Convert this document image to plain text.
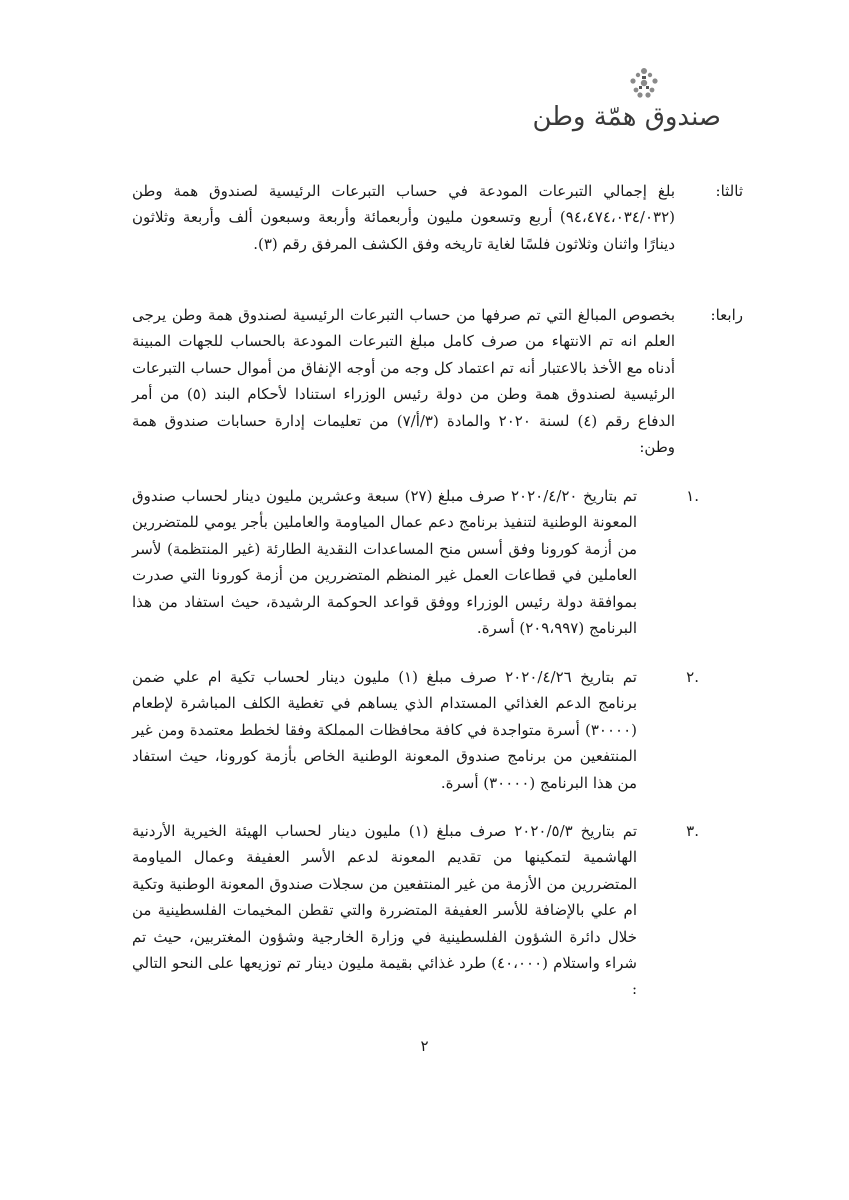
صندوق همّة وطن
بلغ إجمالي التبرعات المودعة في حساب التبرعات الرئيسية لصندوق همة وطن (٩٤،٤٧٤،٠٣٤/٠٣٢) أربع وتسعون مليون وأربعمائة وأربعة وسبعون ألف وأربعة وثلاثون دينارًا واثنان وثلاثون فلسًا لغاية تاريخه وفق الكشف المرفق رقم (٣).
ثالثا:
بخصوص المبالغ التي تم صرفها من حساب التبرعات الرئيسية لصندوق همة وطن يرجى العلم انه تم الانتهاء من صرف كامل مبلغ التبرعات المودعة بالحساب للجهات المبينة أدناه مع الأخذ بالاعتبار أنه تم اعتماد كل وجه من أوجه الإنفاق من أموال حساب التبرعات الرئيسية لصندوق همة وطن من دولة رئيس الوزراء استنادا لأحكام البند (٥) من أمر الدفاع رقم (٤) لسنة ٢٠٢٠ والمادة (٣/أ/٧) من تعليمات إدارة حسابات صندوق همة وطن:
رابعا:
تم بتاريخ ٢٠٢٠/٤/٢٠ صرف مبلغ (٢٧) سبعة وعشرين مليون دينار لحساب صندوق المعونة الوطنية لتنفيذ برنامج دعم عمال المياومة والعاملين بأجر يومي للمتضررين من أزمة كورونا وفق أسس منح المساعدات النقدية الطارئة (غير المنتظمة) لأسر العاملين في قطاعات العمل غير المنظم المتضررين من أزمة كورونا التي صدرت بموافقة دولة رئيس الوزراء ووفق قواعد الحوكمة الرشيدة، حيث استفاد من هذا البرنامج (٢٠٩،٩٩٧) أسرة.
.١
تم بتاريخ ٢٠٢٠/٤/٢٦ صرف مبلغ (١) مليون دينار لحساب تكية ام علي ضمن برنامج الدعم الغذائي المستدام الذي يساهم في تغطية الكلف المباشرة لإطعام (٣٠٠٠٠) أسرة متواجدة في كافة محافظات المملكة وفقا لخطط معتمدة ومن غير المنتفعين من برنامج صندوق المعونة الوطنية الخاص بأزمة كورونا، حيث استفاد من هذا البرنامج (٣٠٠٠٠) أسرة.
.٢
تم بتاريخ ٢٠٢٠/٥/٣ صرف مبلغ (١) مليون دينار لحساب الهيئة الخيرية الأردنية الهاشمية لتمكينها من تقديم المعونة لدعم الأسر العفيفة وعمال المياومة المتضررين من الأزمة من غير المنتفعين من سجلات صندوق المعونة الوطنية وتكية ام علي بالإضافة للأسر العفيفة المتضررة والتي تقطن المخيمات الفلسطينية من خلال دائرة الشؤون الفلسطينية في وزارة الخارجية وشؤون المغتربين، حيث تم شراء واستلام (٤٠،٠٠٠) طرد غذائي بقيمة مليون دينار تم توزيعها على النحو التالي :
.٣
٢
